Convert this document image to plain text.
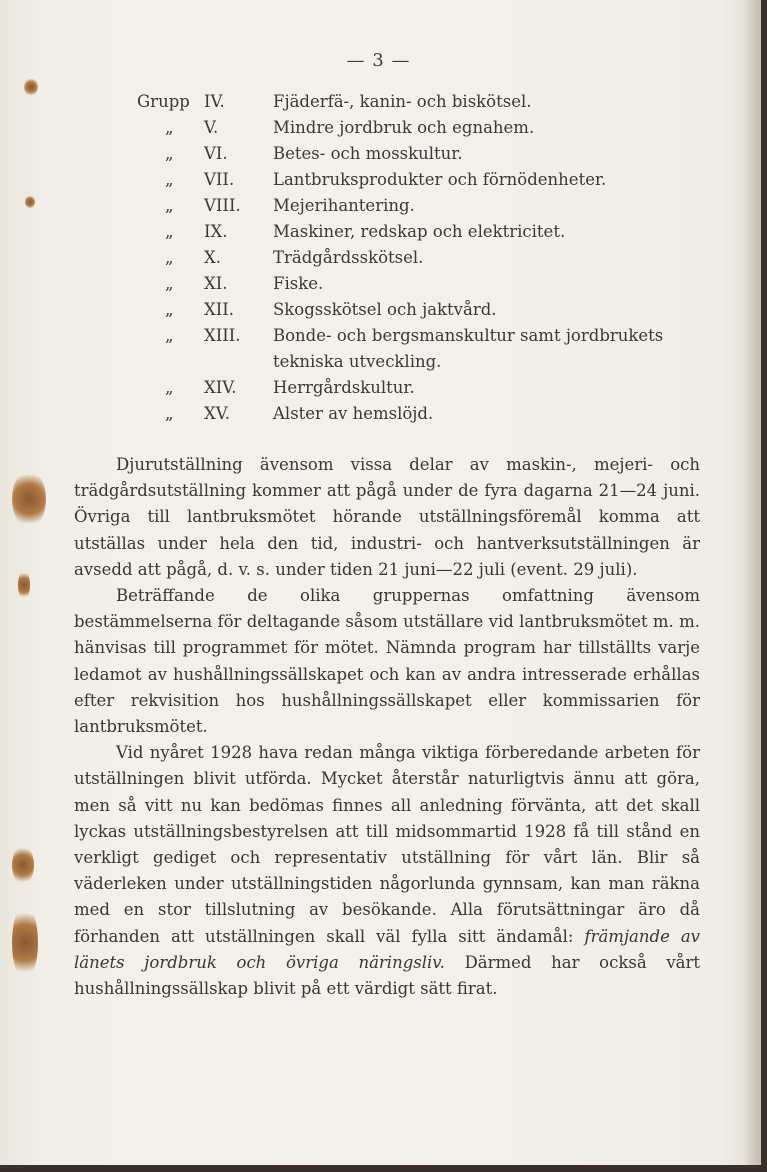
— 3 —
Grupp IV.	Fjäderfä-, kanin- och biskötsel.
„ V.	Mindre jordbruk och egnahem.
„ VI.	Betes- och mosskultur.
„ VII. Lantbruksprodukter och förnödenheter.
„ VIII. Mejerihantering.
„ IX.	Maskiner, redskap och elektricitet.
„ X.	Trädgårdsskötsel.
„ XI.	Fiske.
„ XII. Skogsskötsel och jaktvård.
„ XIII. Bonde- och bergsmanskultur samt jordbrukets
tekniska utveckling.
„ XIV. Herrgårdskultur.
„ XV.	Alster av hemslöjd.

Djurutställning ävensom vissa delar av maskin-, mejeri- och trädgårdsutställning kommer att pågå under de fyra dagarna 21—24 juni. Övriga till lantbruksmötet hörande utställningsföremål komma att utställas under hela den tid, industri- och hantverksutställningen är avsedd att pågå, d. v. s. under tiden 21 juni—22 juli (event. 29 juli).

Beträffande de olika gruppernas omfattning ävensom bestämmelserna för deltagande såsom utställare vid lantbruksmötet m. m. hänvisas till programmet för mötet. Nämnda program har tillställts varje ledamot av hushållningssällskapet och kan av andra intresserade erhållas efter rekvisition hos hushållningssällskapet eller kommissarien för lantbruksmötet.

Vid nyåret 1928 hava redan många viktiga förberedande arbeten för utställningen blivit utförda. Mycket återstår naturligtvis ännu att göra, men så vitt nu kan bedömas finnes all anledning förvänta, att det skall lyckas utställningsbestyrelsen att till midsommartid 1928 få till stånd en verkligt gediget och representativ utställning för vårt län. Blir så väderleken under utställningstiden någorlunda gynnsam, kan man räkna med en stor tillslutning av besökande. Alla förutsättningar äro då förhanden att utställningen skall väl fylla sitt ändamål: främjande av länets jordbruk och övriga näringsliv. Därmed har också vårt hushållningssällskap blivit på ett värdigt sätt firat.
